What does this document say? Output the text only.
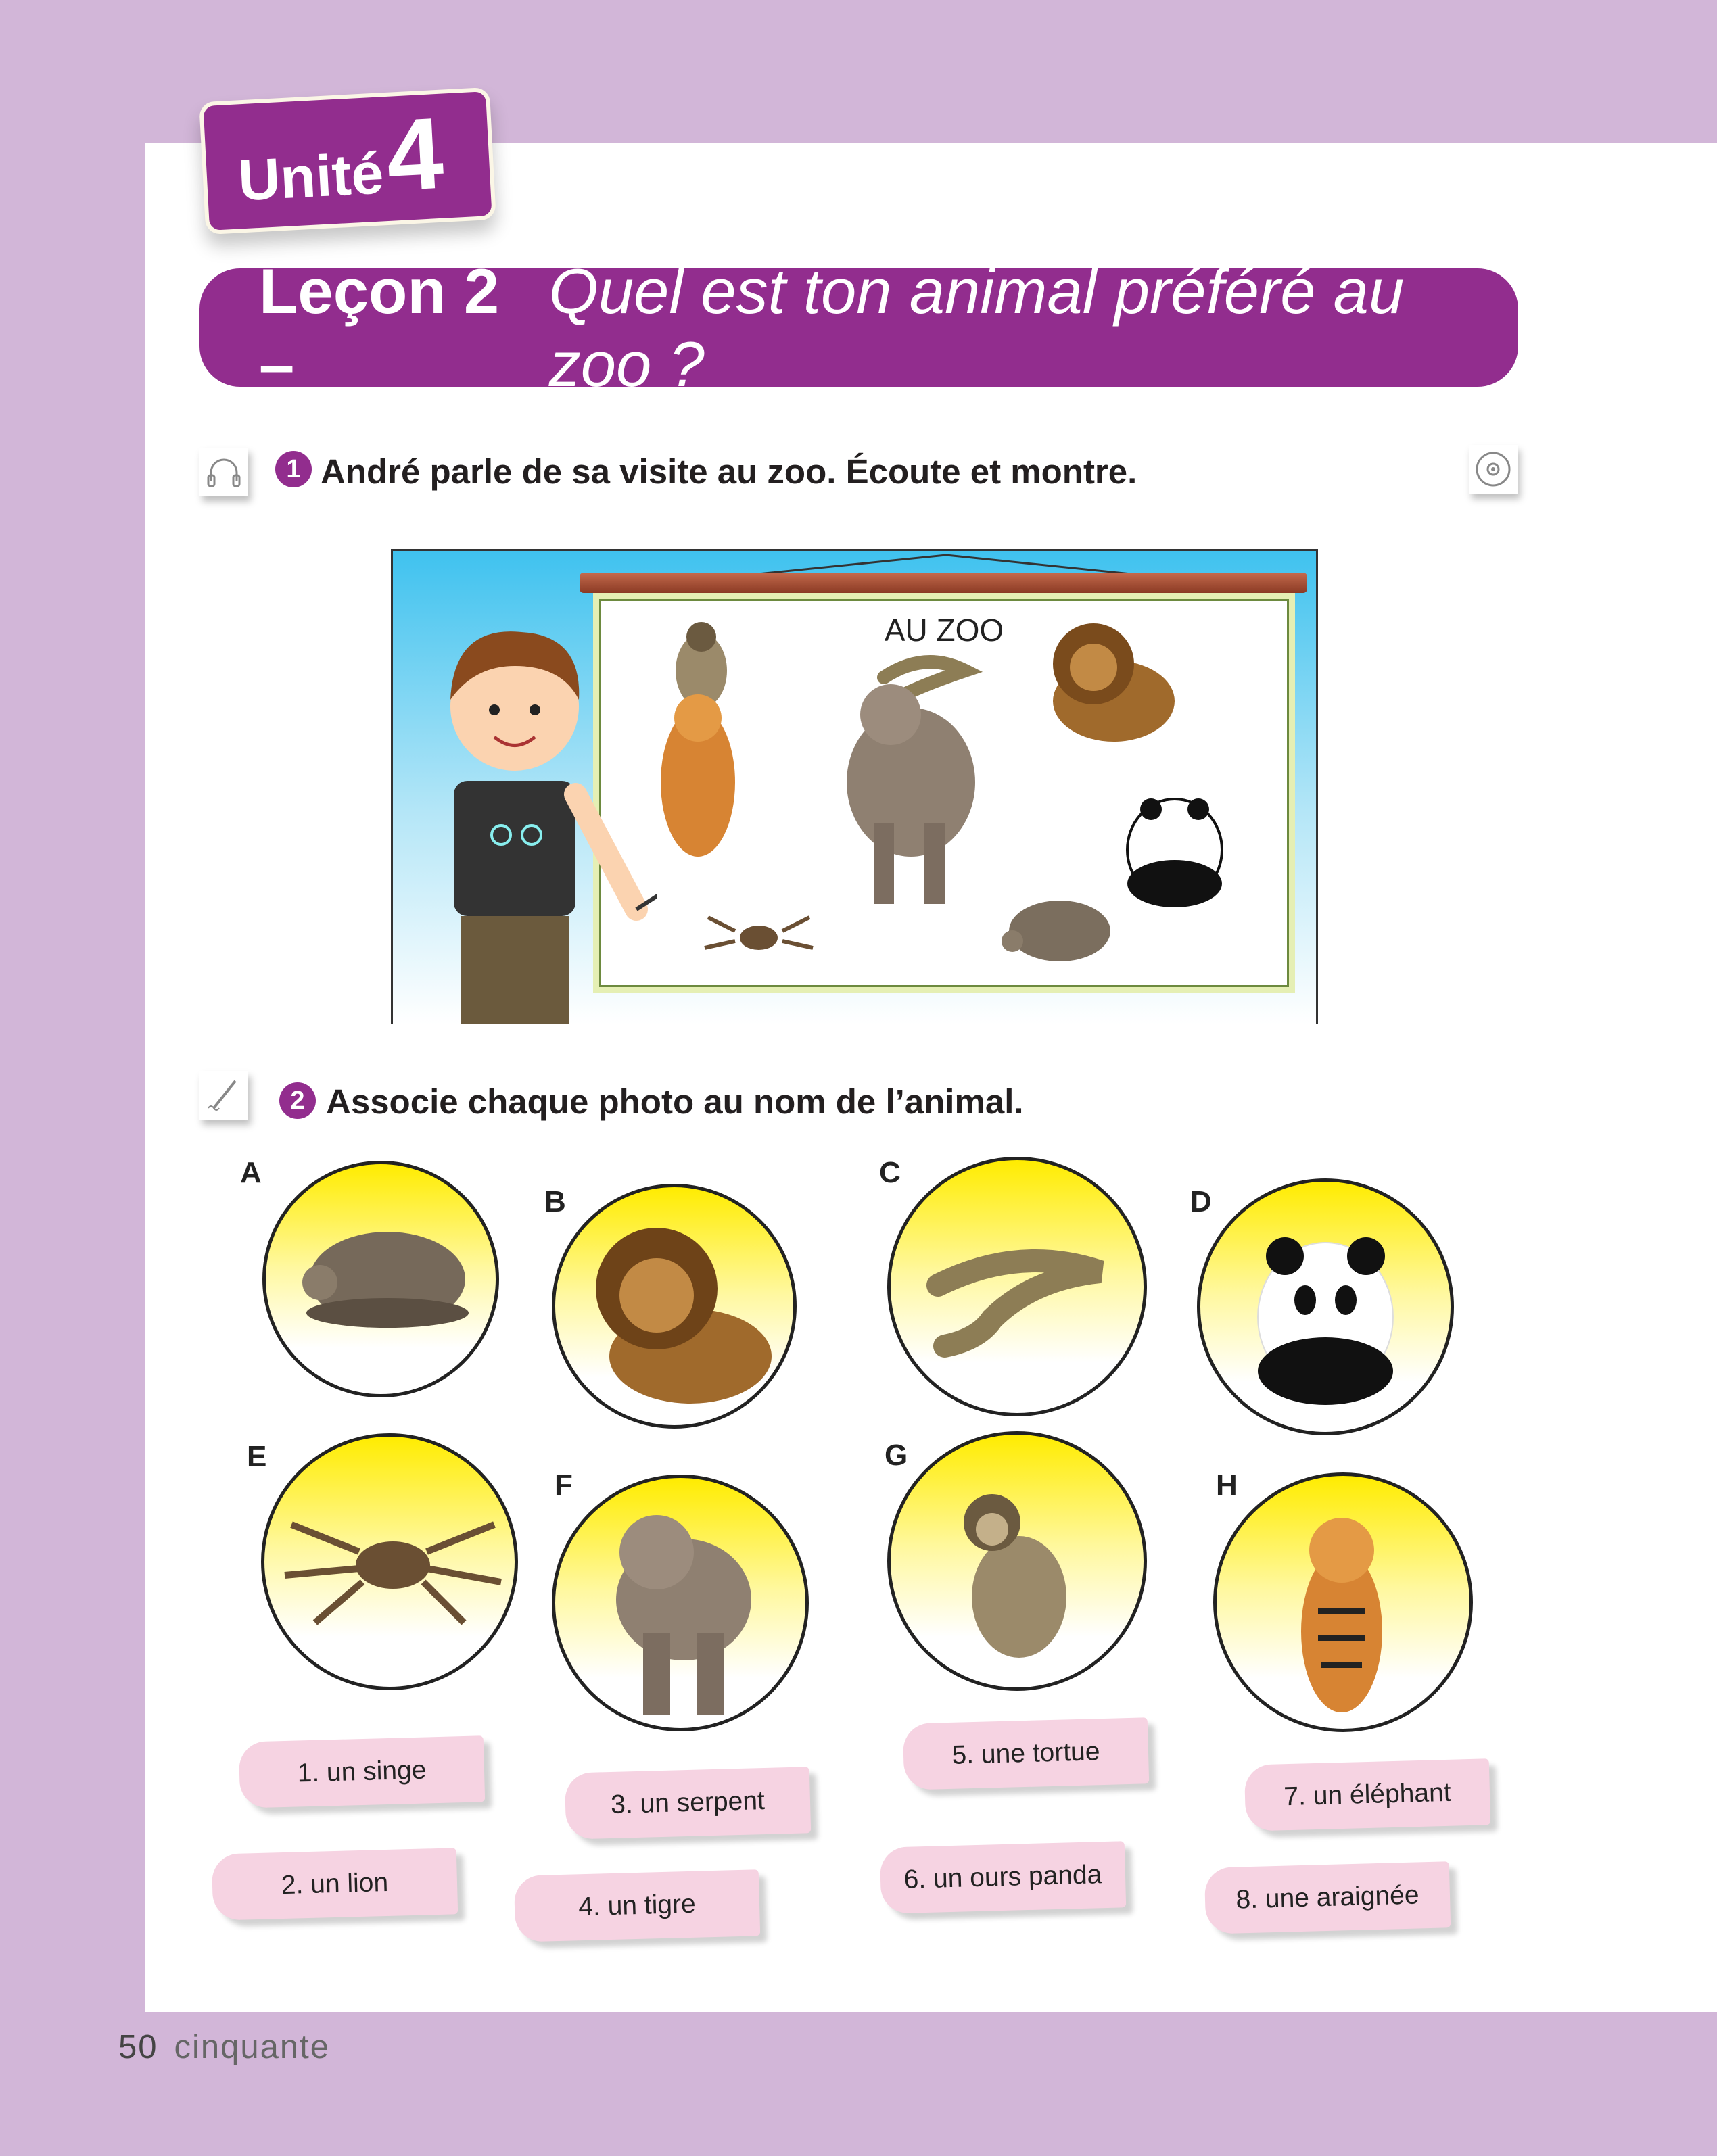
Unité
4
Leçon 2 –
Quel est ton animal préféré au zoo ?
1 André parle de sa visite au zoo. Écoute et montre.
AU ZOO
2 Associe chaque photo au nom de l’animal.
A
B
C
D
E
F
G
H
1. un singe
2. un lion
3. un serpent
4. un tigre
5. une tortue
6. un ours panda
7. un éléphant
8. une araignée
50 cinquante
